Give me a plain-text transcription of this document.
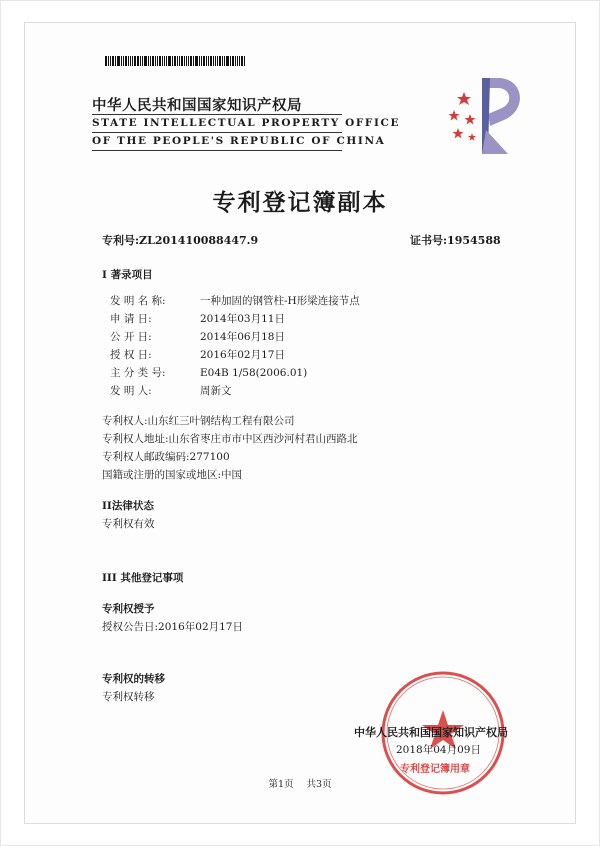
中华人民共和国国家知识产权局
STATE INTELLECTUAL PROPERTY OFFICE
OF THE PEOPLE'S REPUBLIC OF CHINA
专利登记簿副本
专利号:ZL201410088447.9	证书号:1954588
I 著录项目
发 明 名 称:	一种加固的钢管柱-H形梁连接节点
申 请 日:	2014年03月11日
公 开 日:	2014年06月18日
授 权 日:	2016年02月17日
主 分 类 号:	E04B 1/58(2006.01)
发 明 人:	周新文
专利权人:山东红三叶钢结构工程有限公司
专利权人地址:山东省枣庄市市中区西沙河村君山西路北
专利权人邮政编码:277100
国籍或注册的国家或地区:中国
II法律状态
专利权有效
III 其他登记事项
专利权授予
授权公告日:2016年02月17日
专利权的转移
专利权转移
中华人民共和国国家知识产权局
2018年04月09日
专利登记簿用章
第1页 共3页
